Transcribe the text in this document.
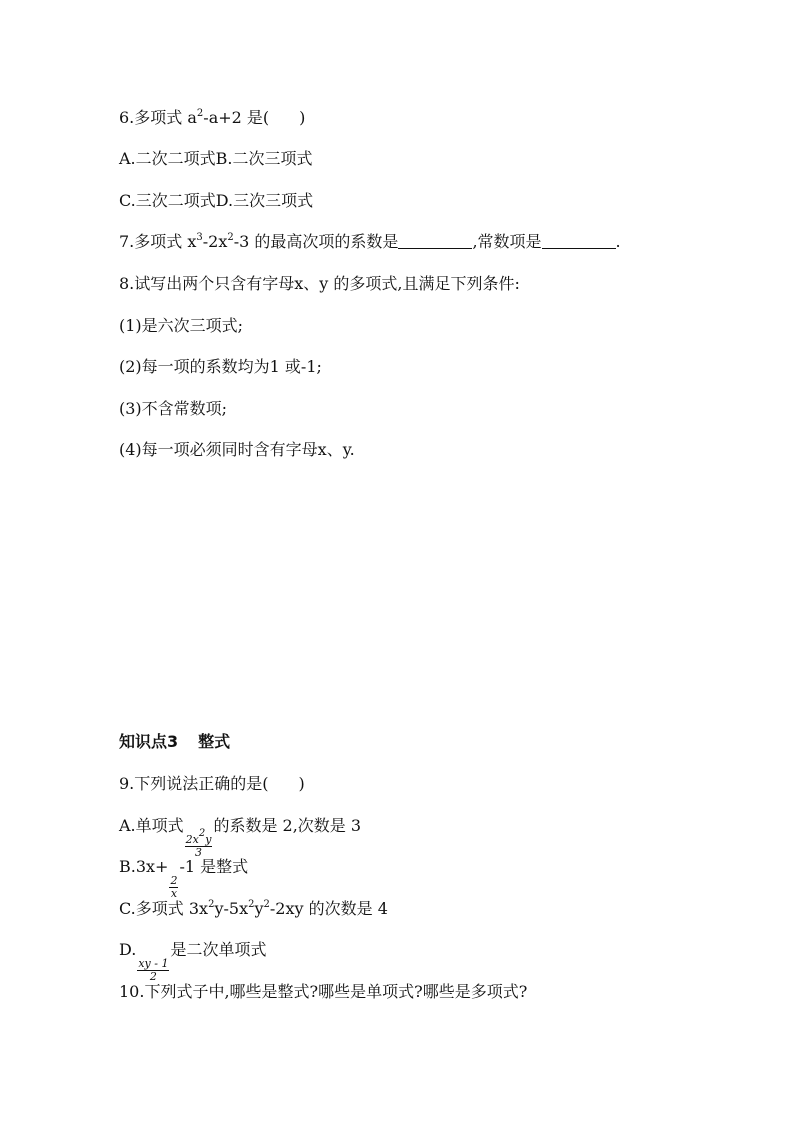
6.多项式 $a^2-a+2$ 是( )
A.二次二项式B.二次三项式
C.三次二项式D.三次三项式
7.多项式 $x^3-2x^2-3$ 的最高次项的系数是	,常数项是	.
8.试写出两个只含有字母x、y 的多项式,且满足下列条件:
(1)是六次三项式;
(2)每一项的系数均为1 或-1;
(3)不含常数项;
(4)每一项必须同时含有字母x、y.
知识点3 整式
9.下列说法正确的是( )
A.单项式
$\frac{2x^2y}{3}$
的系数是 2,次数是 3
B.3x+
$\frac{2}{x}$
-1 是整式
C.多项式 $3x^2y-5x^2y^2-2xy$ 的次数是 4
D.
$\frac{xy - 1}{2}$
是二次单项式
10.下列式子中,哪些是整式?哪些是单项式?哪些是多项式?
